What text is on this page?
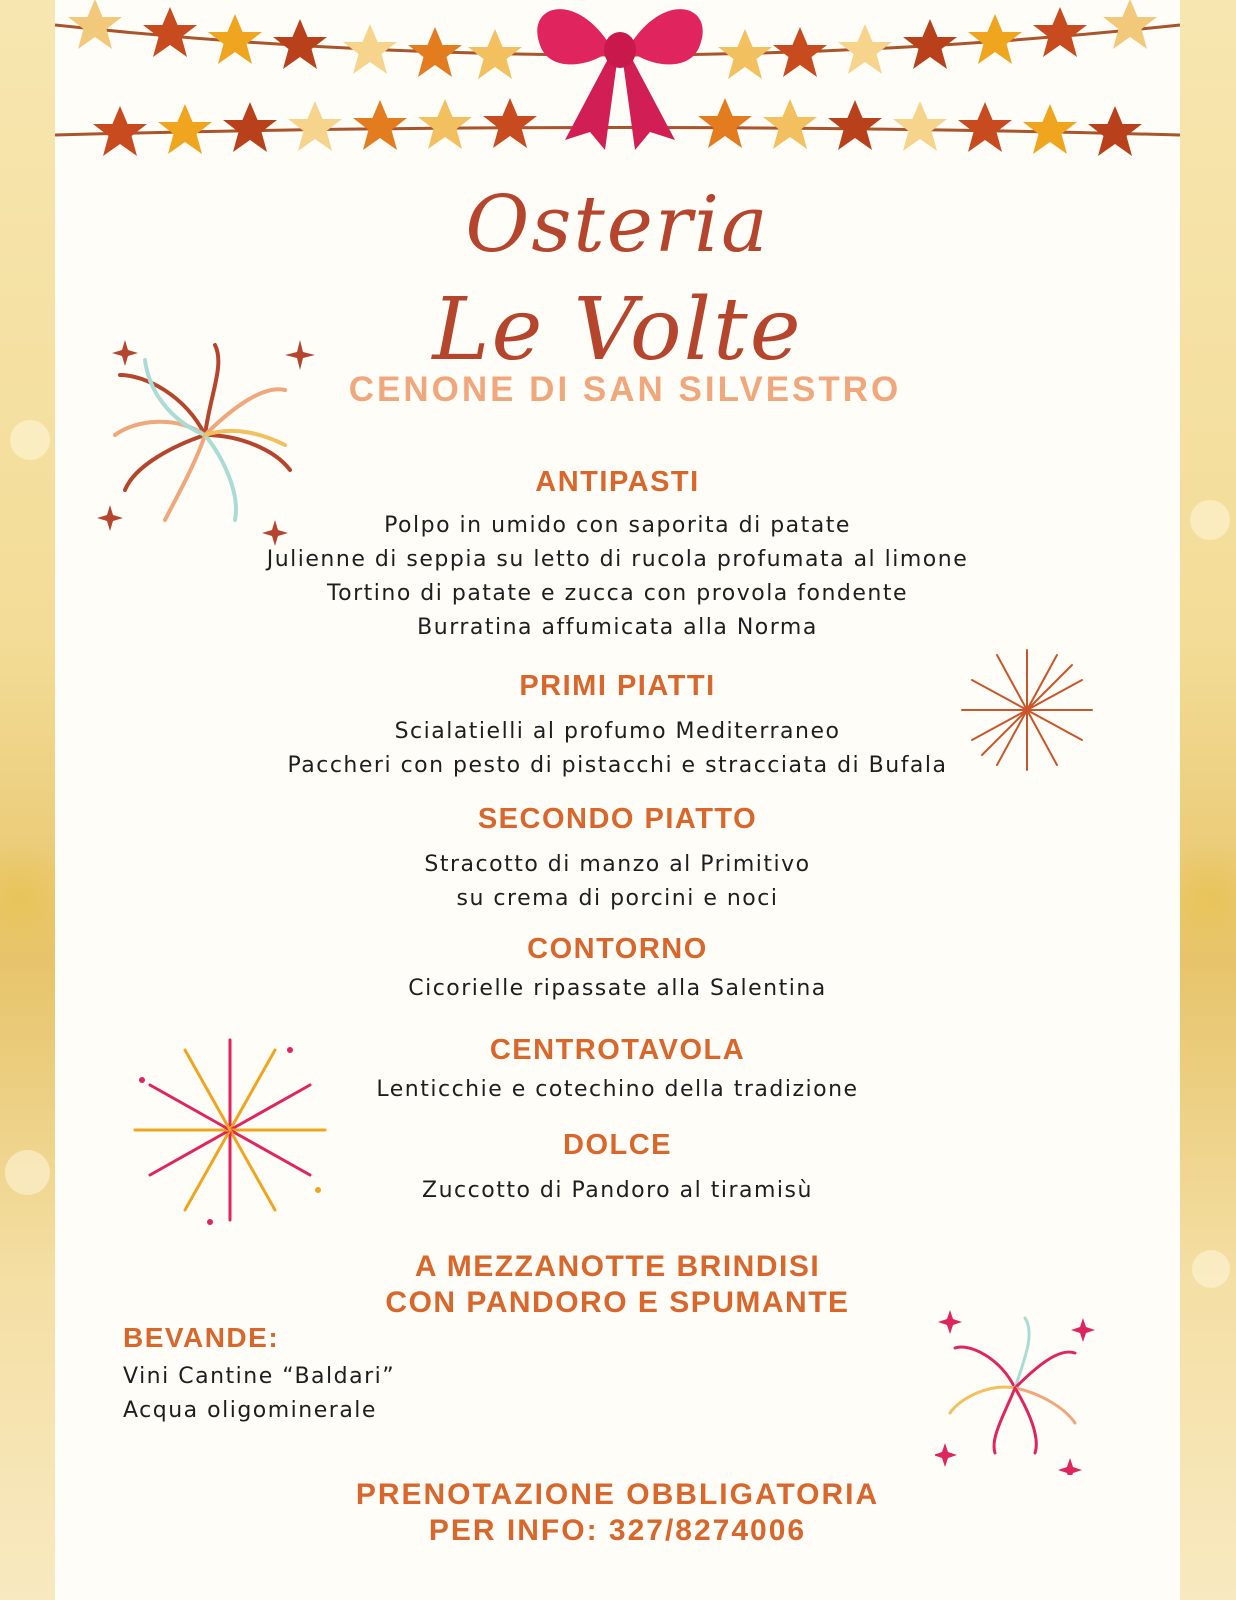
Osteria
Le Volte
CENONE DI SAN SILVESTRO
ANTIPASTI
Polpo in umido con saporita di patate
Julienne di seppia su letto di rucola profumata al limone
Tortino di patate e zucca con provola fondente
Burratina affumicata alla Norma
PRIMI PIATTI
Scialatielli al profumo Mediterraneo
Paccheri con pesto di pistacchi e stracciata di Bufala
SECONDO PIATTO
Stracotto di manzo al Primitivo
su crema di porcini e noci
CONTORNO
Cicorielle ripassate alla Salentina
CENTROTAVOLA
Lenticchie e cotechino della tradizione
DOLCE
Zuccotto di Pandoro al tiramisù
A MEZZANOTTE BRINDISI
CON PANDORO E SPUMANTE
BEVANDE:
Vini Cantine “Baldari”
Acqua oligominerale
PRENOTAZIONE OBBLIGATORIA
PER INFO: 327/8274006
